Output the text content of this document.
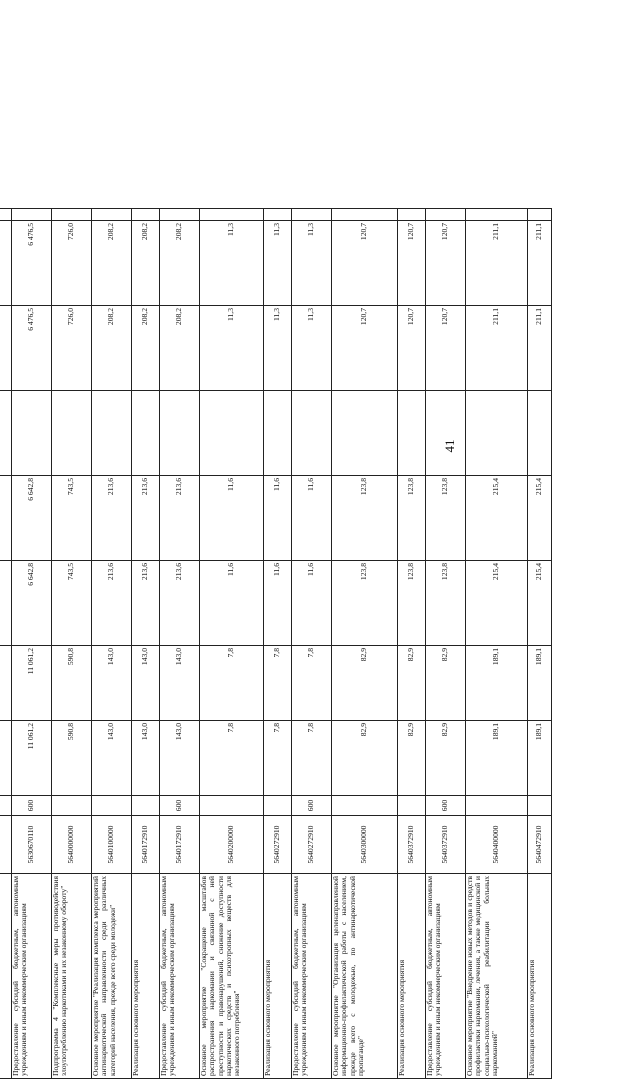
41

Предоставление субсидий бюджетным, автономным учреждениям и иным некоммерческим организациям	5630670110	600	11 061,2	11 061,2	6 642,8	6 642,8		6 476,5	6 476,5	
Подпрограмма 4 "Комплексные меры противодействия злоупотреблению наркотиками и их незаконному обороту"	5640000000		590,8	590,8	743,5	743,5		726,0	726,0	
Основное мероприятие "Реализация комплекса мероприятий антинаркотической направленности среди различных категорий населения, прежде всего среди молодежи"	5640100000		143,0	143,0	213,6	213,6		208,2	208,2	
Реализация основного мероприятия	5640172910		143,0	143,0	213,6	213,6		208,2	208,2	
Предоставление субсидий бюджетным, автономным учреждениям и иным некоммерческим организациям	5640172910	600	143,0	143,0	213,6	213,6		208,2	208,2	
Основное мероприятие "Сокращение масштабов распространения наркомании и связанной с ней преступности и правонарушений, снижение доступности наркотических средств и психотропных веществ для незаконного потребления"	5640200000		7,8	7,8	11,6	11,6		11,3	11,3	
Реализация основного мероприятия	5640272910		7,8	7,8	11,6	11,6		11,3	11,3	
Предоставление субсидий бюджетным, автономным учреждениям и иным некоммерческим организациям	5640272910	600	7,8	7,8	11,6	11,6		11,3	11,3	
Основное мероприятие "Организация целенаправленной информационно-профилактической работы с населением, прежде всего с молодежью, по антинаркотической пропаганде"	5640300000		82,9	82,9	123,8	123,8		120,7	120,7	
Реализация основного мероприятия	5640372910		82,9	82,9	123,8	123,8		120,7	120,7	
Предоставление субсидий бюджетным, автономным учреждениям и иным некоммерческим организациям	5640372910	600	82,9	82,9	123,8	123,8		120,7	120,7	
Основное мероприятие "Внедрение новых методов и средств профилактики наркомании, лечения, а также медицинской и социально-психологической реабилитации больных наркоманией"	5640400000		189,1	189,1	215,4	215,4		211,1	211,1	
Реализация основного мероприятия	5640472910		189,1	189,1	215,4	215,4		211,1	211,1	
